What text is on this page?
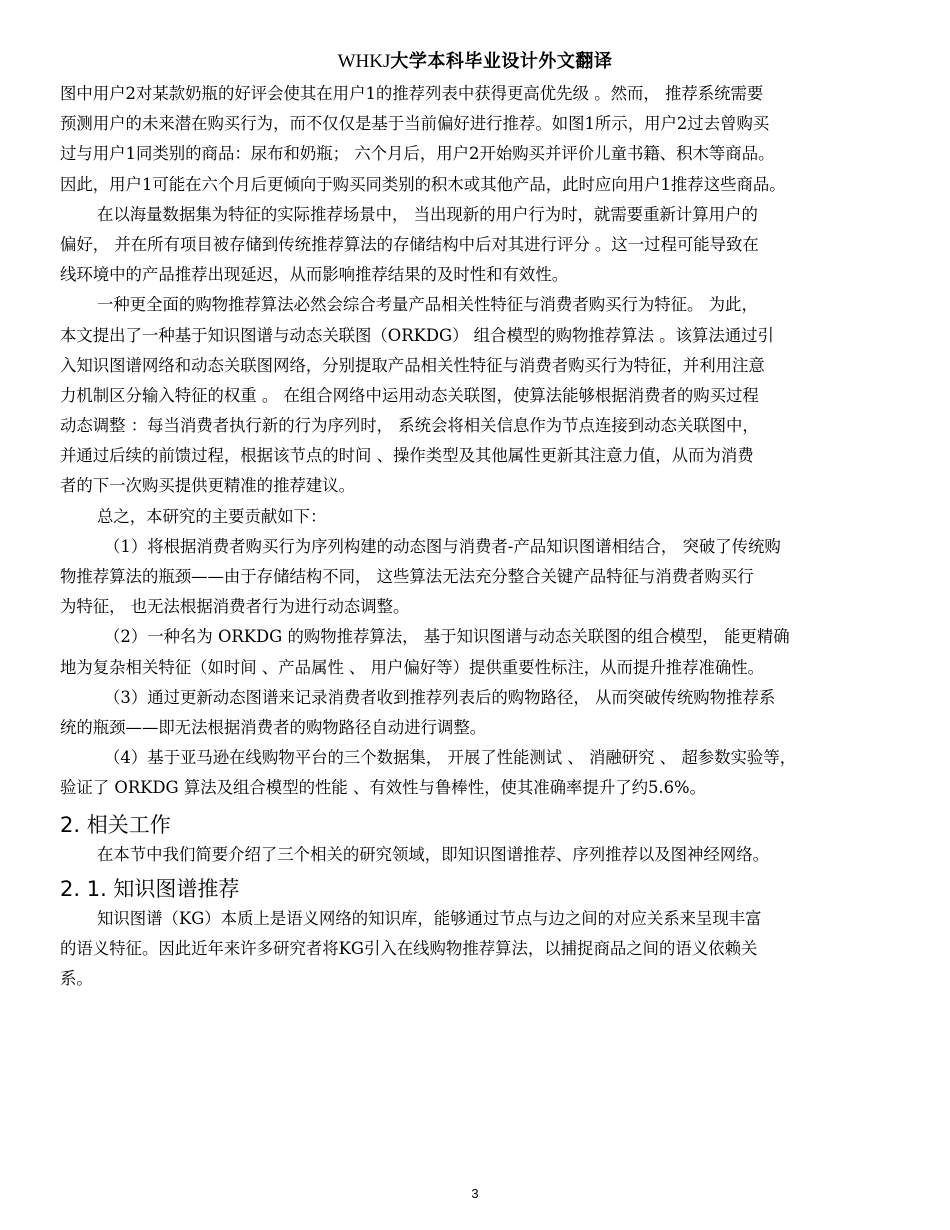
WHKJ大学本科毕业设计外文翻译
图中用户2对某款奶瓶的好评会使其在用户1的推荐列表中获得更高优先级 。然而， 推荐系统需要
预测用户的未来潜在购买行为，而不仅仅是基于当前偏好进行推荐。如图1所示，用户2过去曾购买
过与用户1同类别的商品：尿布和奶瓶； 六个月后，用户2开始购买并评价儿童书籍、积木等商品。
因此，用户1可能在六个月后更倾向于购买同类别的积木或其他产品，此时应向用户1推荐这些商品。
在以海量数据集为特征的实际推荐场景中， 当出现新的用户行为时，就需要重新计算用户的
偏好， 并在所有项目被存储到传统推荐算法的存储结构中后对其进行评分 。这一过程可能导致在
线环境中的产品推荐出现延迟，从而影响推荐结果的及时性和有效性。
一种更全面的购物推荐算法必然会综合考量产品相关性特征与消费者购买行为特征。 为此，
本文提出了一种基于知识图谱与动态关联图（ORKDG） 组合模型的购物推荐算法 。该算法通过引
入知识图谱网络和动态关联图网络，分别提取产品相关性特征与消费者购买行为特征，并利用注意
力机制区分输入特征的权重 。 在组合网络中运用动态关联图，使算法能够根据消费者的购买过程
动态调整 ：每当消费者执行新的行为序列时， 系统会将相关信息作为节点连接到动态关联图中，
并通过后续的前馈过程，根据该节点的时间 、操作类型及其他属性更新其注意力值，从而为消费
者的下一次购买提供更精准的推荐建议。
总之，本研究的主要贡献如下：
（1）将根据消费者购买行为序列构建的动态图与消费者-产品知识图谱相结合， 突破了传统购
物推荐算法的瓶颈——由于存储结构不同， 这些算法无法充分整合关键产品特征与消费者购买行
为特征， 也无法根据消费者行为进行动态调整。
（2）一种名为 ORKDG 的购物推荐算法， 基于知识图谱与动态关联图的组合模型， 能更精确
地为复杂相关特征（如时间 、产品属性 、 用户偏好等）提供重要性标注，从而提升推荐准确性。
（3）通过更新动态图谱来记录消费者收到推荐列表后的购物路径， 从而突破传统购物推荐系
统的瓶颈——即无法根据消费者的购物路径自动进行调整。
（4）基于亚马逊在线购物平台的三个数据集， 开展了性能测试 、 消融研究 、 超参数实验等，
验证了 ORKDG 算法及组合模型的性能 、有效性与鲁棒性，使其准确率提升了约5.6%。
2. 相关工作
在本节中我们简要介绍了三个相关的研究领域，即知识图谱推荐、序列推荐以及图神经网络。
2. 1. 知识图谱推荐
知识图谱（KG）本质上是语义网络的知识库，能够通过节点与边之间的对应关系来呈现丰富
的语义特征。因此近年来许多研究者将KG引入在线购物推荐算法，以捕捉商品之间的语义依赖关
系。
3
